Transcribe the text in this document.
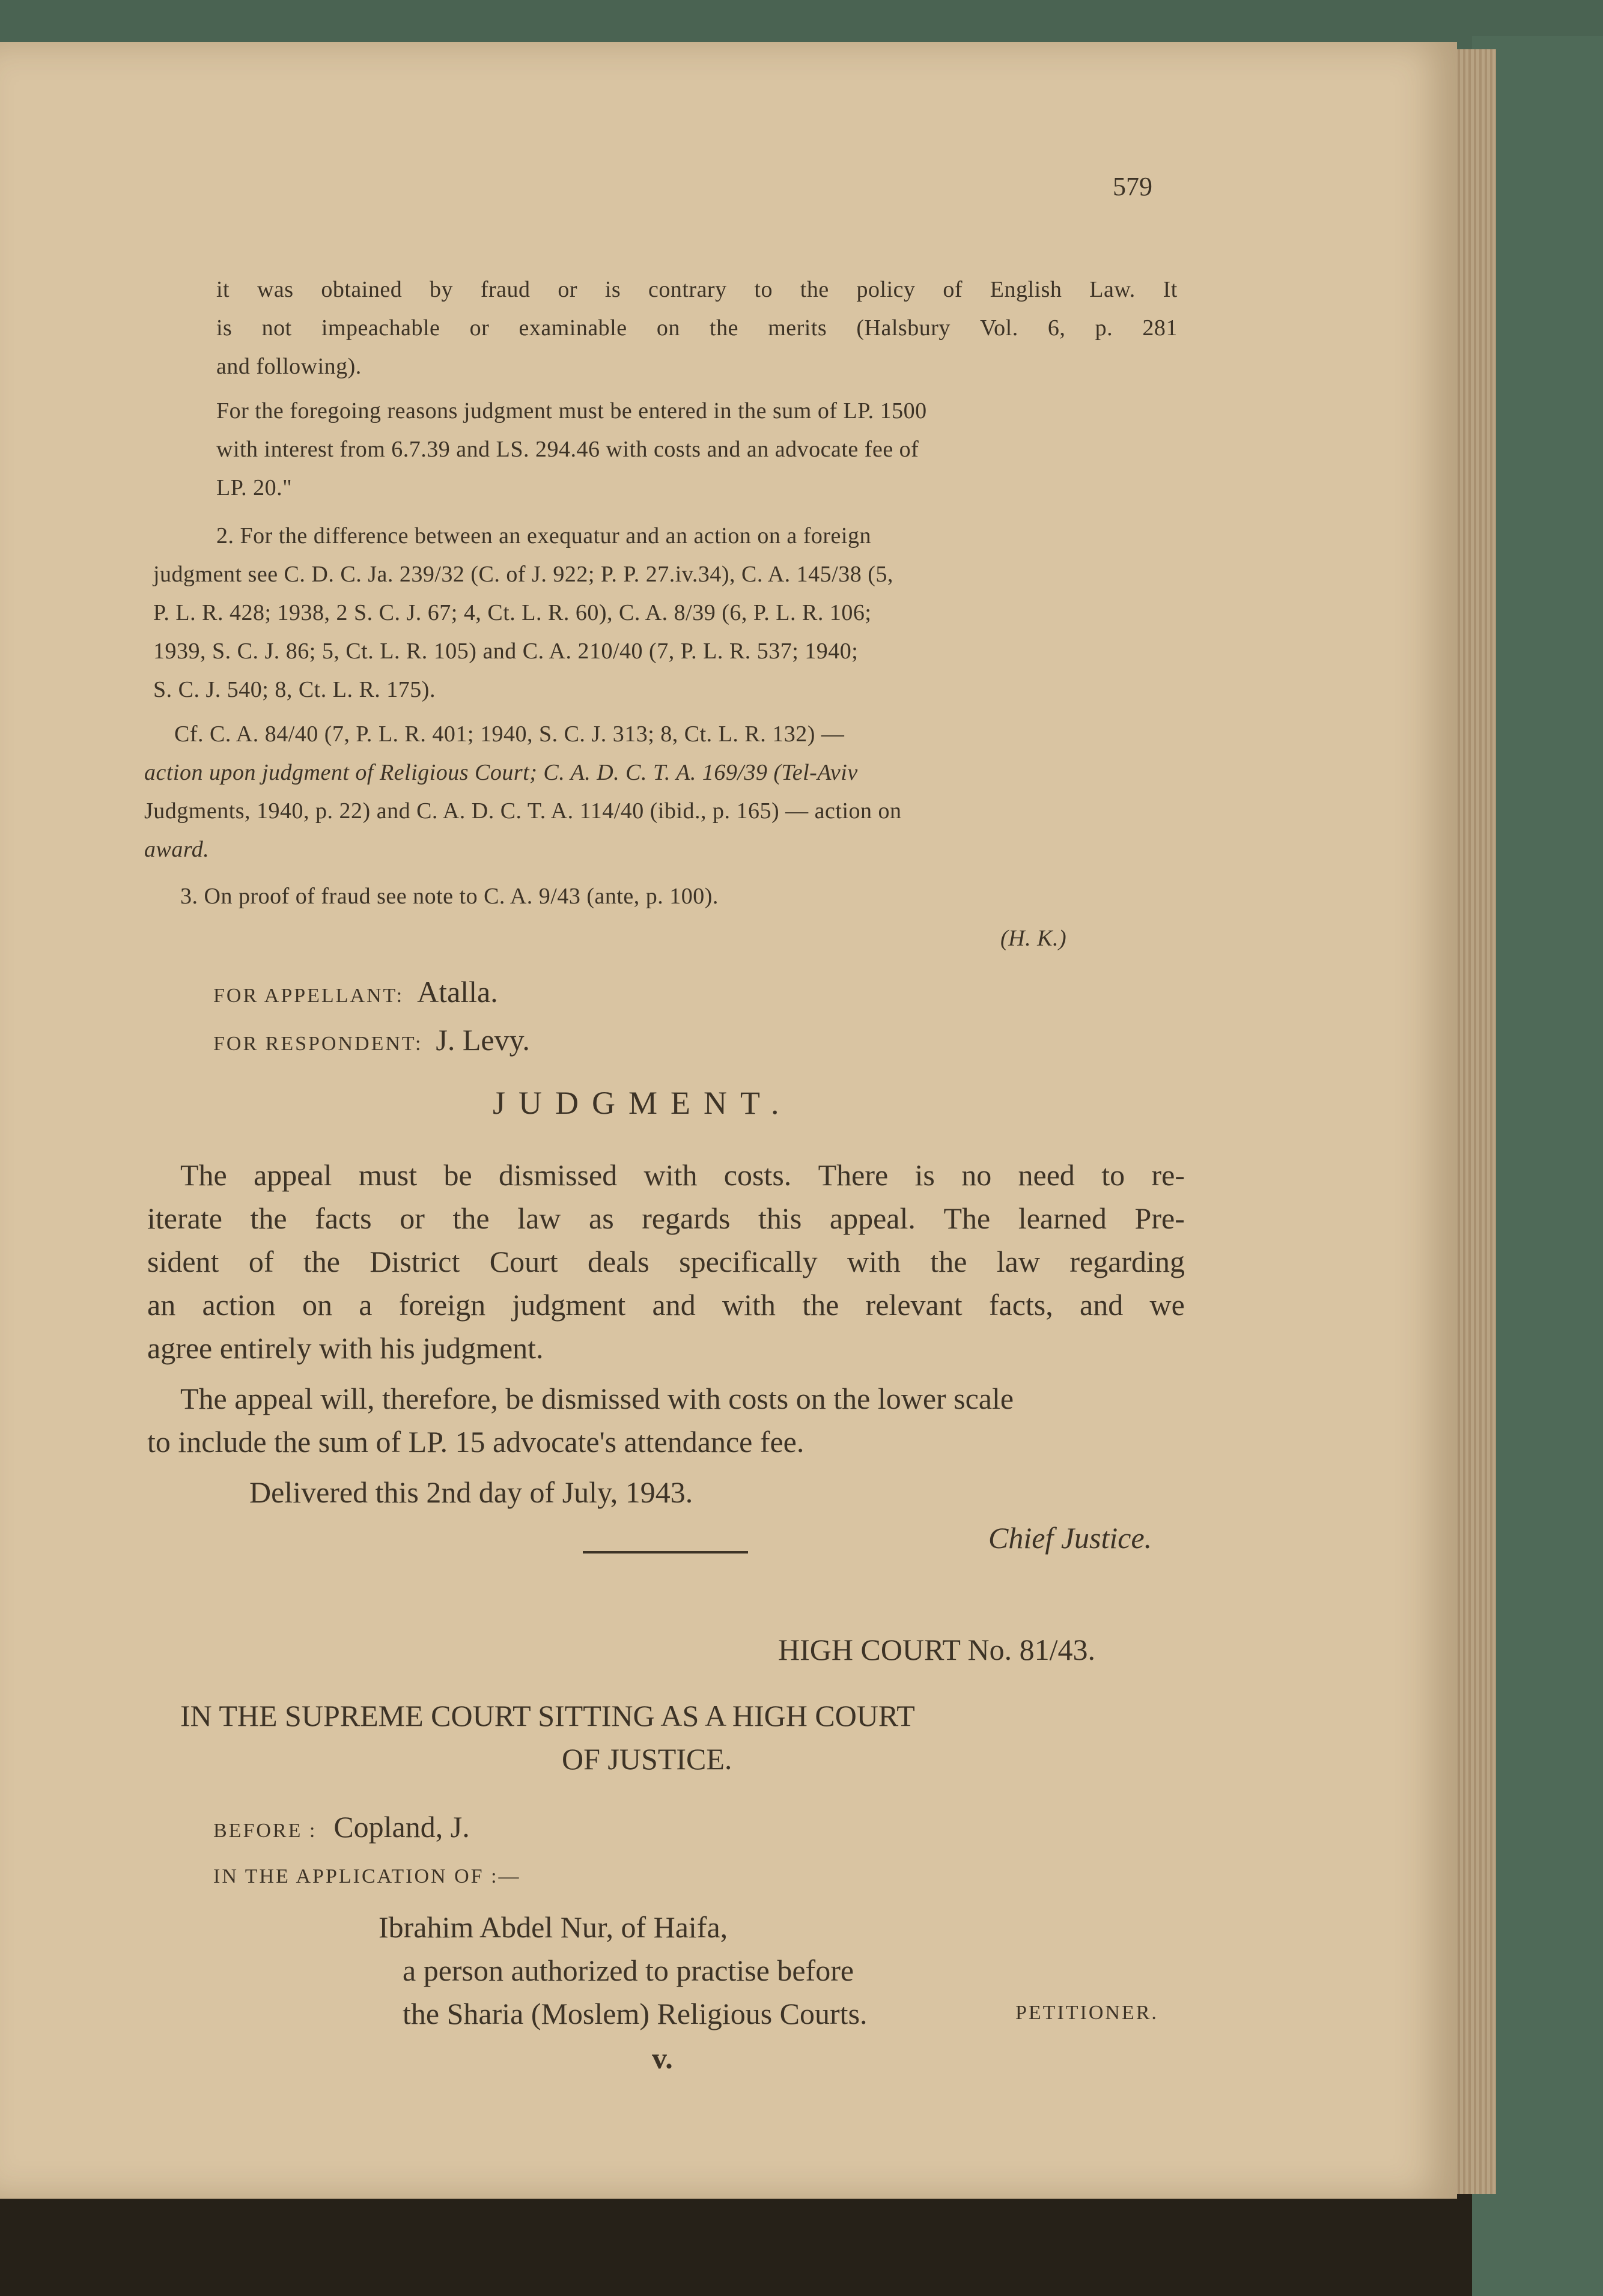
579
it was obtained by fraud or is contrary to the policy of English Law. It
is not impeachable or examinable on the merits (Halsbury Vol. 6, p. 281
and following).
For the foregoing reasons judgment must be entered in the sum of LP. 1500
with interest from 6.7.39 and LS. 294.46 with costs and an advocate fee of
LP. 20."
2. For the difference between an exequatur and an action on a foreign
judgment see C. D. C. Ja. 239/32 (C. of J. 922; P. P. 27.iv.34), C. A. 145/38 (5,
P. L. R. 428; 1938, 2 S. C. J. 67; 4, Ct. L. R. 60), C. A. 8/39 (6, P. L. R. 106;
1939, S. C. J. 86; 5, Ct. L. R. 105) and C. A. 210/40 (7, P. L. R. 537; 1940;
S. C. J. 540; 8, Ct. L. R. 175).
Cf. C. A. 84/40 (7, P. L. R. 401; 1940, S. C. J. 313; 8, Ct. L. R. 132) —
action upon judgment of Religious Court; C. A. D. C. T. A. 169/39 (Tel-Aviv
Judgments, 1940, p. 22) and C. A. D. C. T. A. 114/40 (ibid., p. 165) — action on
award.
3. On proof of fraud see note to C. A. 9/43 (ante, p. 100).
(H. K.)
FOR APPELLANT: Atalla.
FOR RESPONDENT: J. Levy.
JUDGMENT.
The appeal must be dismissed with costs. There is no need to re-
iterate the facts or the law as regards this appeal. The learned Pre-
sident of the District Court deals specifically with the law regarding
an action on a foreign judgment and with the relevant facts, and we
agree entirely with his judgment.
The appeal will, therefore, be dismissed with costs on the lower scale
to include the sum of LP. 15 advocate's attendance fee.
Delivered this 2nd day of July, 1943.
Chief Justice.
HIGH COURT No. 81/43.
IN THE SUPREME COURT SITTING AS A HIGH COURT
OF JUSTICE.
BEFORE : Copland, J.
IN THE APPLICATION OF :—
Ibrahim Abdel Nur, of Haifa,
a person authorized to practise before
the Sharia (Moslem) Religious Courts.	PETITIONER.
v.
